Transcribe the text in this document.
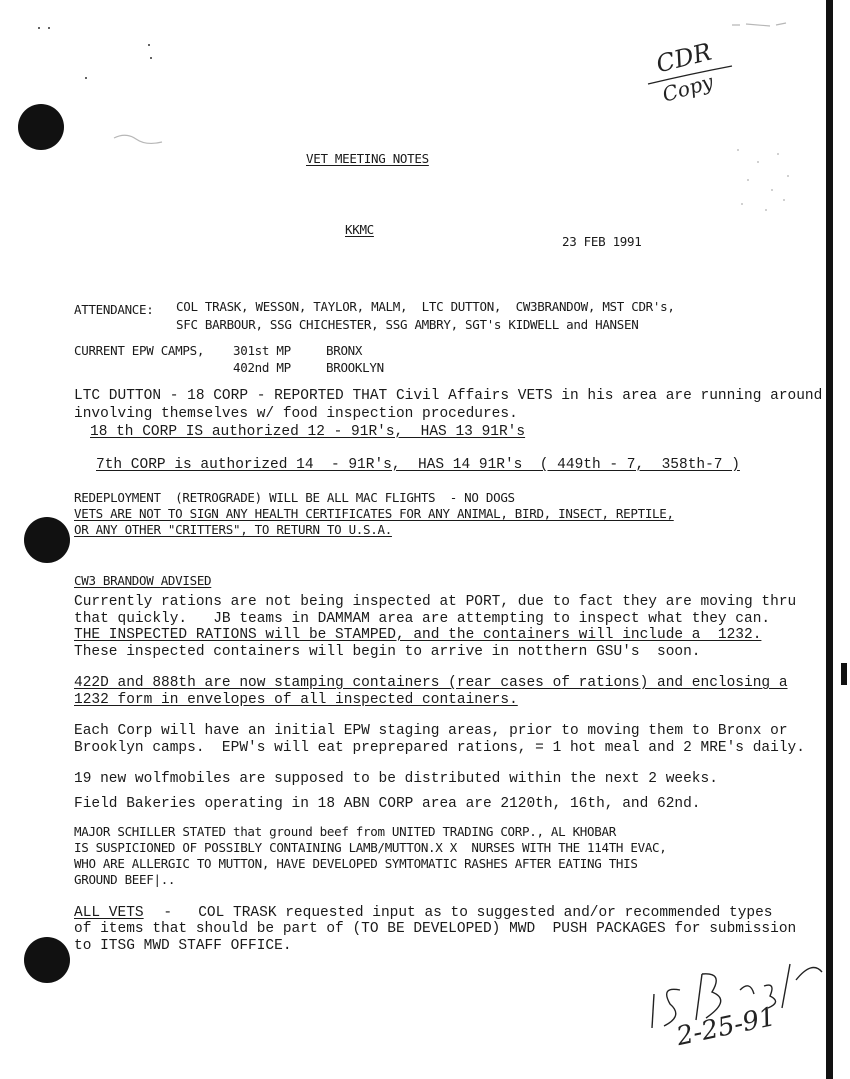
CDR
Copy
VET MEETING NOTES
KKMC
23 FEB 1991
ATTENDANCE: COL TRASK, WESSON, TAYLOR, MALM,  LTC DUTTON,  CW3BRANDOW, MST CDR's,
SFC BARBOUR, SSG CHICHESTER, SSG AMBRY, SGT's KIDWELL and HANSEN
CURRENT EPW CAMPS, 301st MP	BRONX
402nd MP	BROOKLYN
LTC DUTTON - 18 CORP - REPORTED THAT Civil Affairs VETS in his area are running around
involving themselves w/ food inspection procedures.
18 th CORP IS authorized 12 - 91R's,  HAS 13 91R's
7th CORP is authorized 14  - 91R's,  HAS 14 91R's  ( 449th - 7,  358th-7 )
REDEPLOYMENT  (RETROGRADE) WILL BE ALL MAC FLIGHTS  - NO DOGS
VETS ARE NOT TO SIGN ANY HEALTH CERTIFICATES FOR ANY ANIMAL, BIRD, INSECT, REPTILE,
OR ANY OTHER "CRITTERS", TO RETURN TO U.S.A.
CW3 BRANDOW ADVISED
Currently rations are not being inspected at PORT, due to fact they are moving thru
that quickly.   JB teams in DAMMAM area are attempting to inspect what they can.
THE INSPECTED RATIONS will be STAMPED, and the containers will include a  1232.
These inspected containers will begin to arrive in notthern GSU's  soon.
422D and 888th are now stamping containers (rear cases of rations) and enclosing a
1232 form in envelopes of all inspected containers.
Each Corp will have an initial EPW staging areas, prior to moving them to Bronx or
Brooklyn camps.  EPW's will eat preprepared rations, = 1 hot meal and 2 MRE's daily.
19 new wolfmobiles are supposed to be distributed within the next 2 weeks.
Field Bakeries operating in 18 ABN CORP area are 2120th, 16th, and 62nd.
MAJOR SCHILLER STATED that ground beef from UNITED TRADING CORP., AL KHOBAR
IS SUSPICIONED OF POSSIBLY CONTAINING LAMB/MUTTON.X X  NURSES WITH THE 114TH EVAC,
WHO ARE ALLERGIC TO MUTTON, HAVE DEVELOPED SYMTOMATIC RASHES AFTER EATING THIS
GROUND BEEF|..
ALL VETS -   COL TRASK requested input as to suggested and/or recommended types
of items that should be part of (TO BE DEVELOPED) MWD  PUSH PACKAGES for submission
to ITSG MWD STAFF OFFICE.
2-25-91
